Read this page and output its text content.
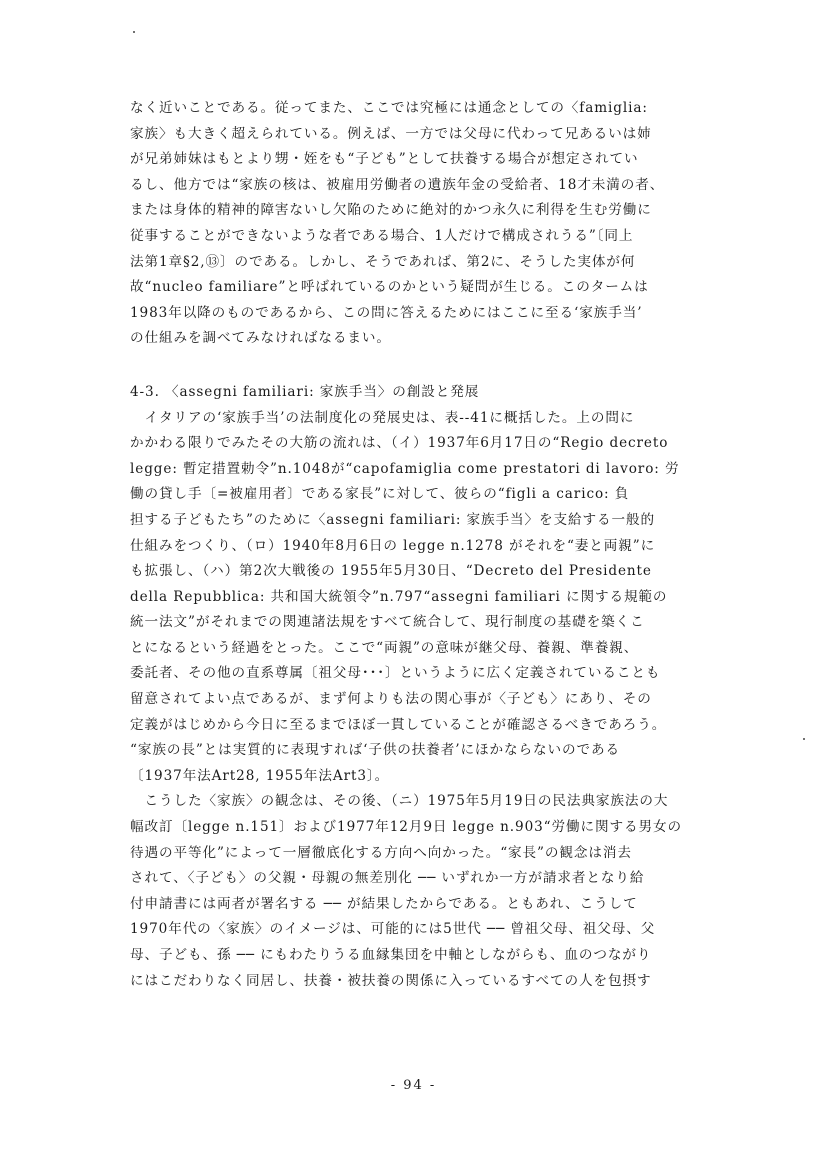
なく近いことである。従ってまた、ここでは究極には通念としての〈famiglia:
家族〉も大きく超えられている。例えば、一方では父母に代わって兄あるいは姉
が兄弟姉妹はもとより甥・姪をも“子ども”として扶養する場合が想定されてい
るし、他方では“家族の核は、被雇用労働者の遺族年金の受給者、18才未満の者、
または身体的精神的障害ないし欠陥のために絶対的かつ永久に利得を生む労働に
従事することができないような者である場合、1人だけで構成されうる”〔同上
法第1章§2,⑬〕のである。しかし、そうであれば、第2に、そうした実体が何
故“nucleo familiare”と呼ばれているのかという疑問が生じる。このタームは
1983年以降のものであるから、この問に答えるためにはここに至る‘家族手当’
の仕組みを調べてみなければなるまい。
4-3. 〈assegni familiari: 家族手当〉の創設と発展
　イタリアの‘家族手当’の法制度化の発展史は、表--41に概括した。上の問に
かかわる限りでみたその大筋の流れは、（イ）1937年6月17日の“Regio decreto
legge: 暫定措置勅令”n.1048が“capofamiglia come prestatori di lavoro: 労
働の貸し手〔=被雇用者〕である家長”に対して、彼らの“figli a carico: 負
担する子どもたち”のために〈assegni familiari: 家族手当〉を支給する一般的
仕組みをつくり、（ロ）1940年8月6日の legge n.1278 がそれを“妻と両親”に
も拡張し、（ハ）第2次大戦後の 1955年5月30日、“Decreto del Presidente
della Repubblica: 共和国大統領令”n.797“assegni familiari に関する規範の
統一法文”がそれまでの関連諸法規をすべて統合して、現行制度の基礎を築くこ
とになるという経過をとった。ここで“両親”の意味が継父母、養親、準養親、
委託者、その他の直系尊属〔祖父母･･･〕というように広く定義されていることも
留意されてよい点であるが、まず何よりも法の関心事が〈子ども〉にあり、その
定義がはじめから今日に至るまでほぼ一貫していることが確認さるべきであろう。
“家族の長”とは実質的に表現すれば‘子供の扶養者’にほかならないのである
〔1937年法Art28, 1955年法Art3〕。
　こうした〈家族〉の観念は、その後、（ニ）1975年5月19日の民法典家族法の大
幅改訂〔legge n.151〕および1977年12月9日 legge n.903“労働に関する男女の
待遇の平等化”によって一層徹底化する方向へ向かった。“家長”の観念は消去
されて、〈子ども〉の父親・母親の無差別化 ── いずれか一方が請求者となり給
付申請書には両者が署名する ── が結果したからである。ともあれ、こうして
1970年代の〈家族〉のイメージは、可能的には5世代 ── 曾祖父母、祖父母、父
母、子ども、孫 ── にもわたりうる血縁集団を中軸としながらも、血のつながり
にはこだわりなく同居し、扶養・被扶養の関係に入っているすべての人を包摂す
- 94 -
